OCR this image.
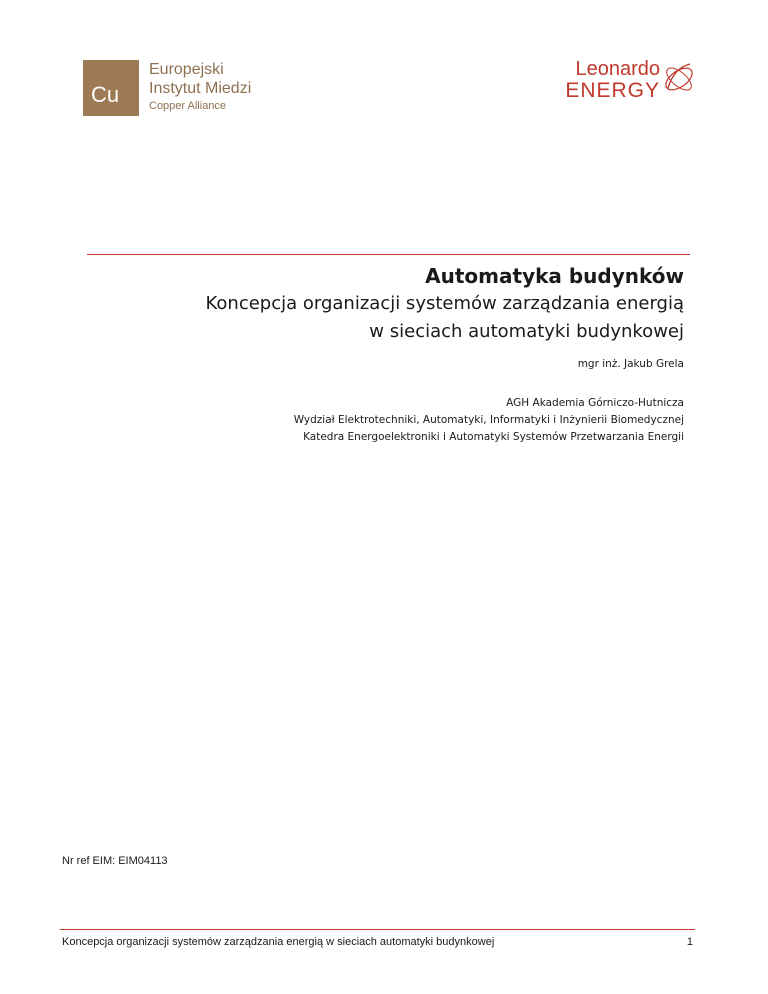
Cu
Europejski
Instytut Miedzi
Copper Alliance
Leonardo
ENERGY
Automatyka budynków
Koncepcja organizacji systemów zarządzania energią
w sieciach automatyki budynkowej
mgr inż. Jakub Grela
AGH Akademia Górniczo-Hutnicza
Wydział Elektrotechniki, Automatyki, Informatyki i Inżynierii Biomedycznej
Katedra Energoelektroniki i Automatyki Systemów Przetwarzania Energii
Nr ref EIM: EIM04113
Koncepcja organizacji systemów zarządzania energią w sieciach automatyki budynkowej	1
